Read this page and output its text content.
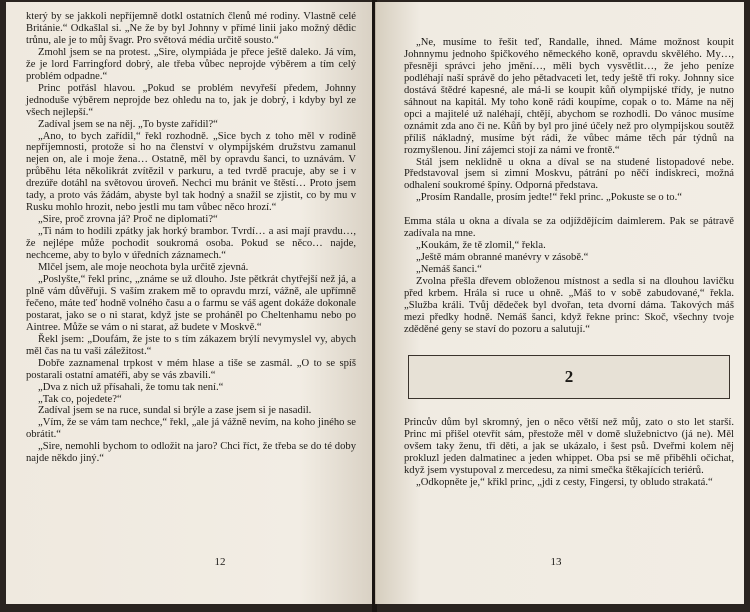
který by se jakkoli nepříjemně dotkl ostatních členů mé rodiny. Vlastně celé Británie.“ Odkašlal si. „Ne že by byl Johnny v přímé linii jako možný dědic trůnu, ale je to můj švagr. Pro světová média určitě sousto.“

Zmohl jsem se na protest. „Sire, olympiáda je přece ještě daleko. Já vím, že je lord Farringford dobrý, ale třeba vůbec neprojde výběrem a tím celý problém odpadne.“

Princ potřásl hlavou. „Pokud se problém nevyřeší předem, Johnny jednoduše výběrem neprojde bez ohledu na to, jak je dobrý, i kdyby byl ze všech nejlepší.“

Zadíval jsem se na něj. „To byste zařídil?“

„Ano, to bych zařídil,“ řekl rozhodně. „Sice bych z toho měl v rodině nepříjemnosti, protože si ho na členství v olympijském družstvu zamanul nejen on, ale i moje žena… Ostatně, měl by opravdu šanci, to uznávám. V průběhu léta několikrát zvítězil v parkuru, a ted tvrdě pracuje, aby se i v drezúře dotáhl na světovou úroveň. Nechci mu bránit ve štěstí… Proto jsem tady, a proto vás žádám, abyste byl tak hodný a snažil se zjistit, co by mu v Rusku mohlo hrozit, nebo jestli mu tam vůbec něco hrozí.“

„Sire, proč zrovna já? Proč ne diplomati?“

„Ti nám to hodili zpátky jak horký brambor. Tvrdí… a asi mají pravdu…, že nejlépe může pochodit soukromá osoba. Pokud se něco… najde, nechceme, aby to bylo v úředních záznamech.“

Mlčel jsem, ale moje neochota byla určitě zjevná.

„Poslyšte,“ řekl princ, „známe se už dlouho. Jste pětkrát chytřejší než já, a plně vám důvěřuji. S vaším zrakem mě to opravdu mrzí, vážně, ale upřímně řečeno, máte teď hodně volného času a o farmu se váš agent dokáže dokonale postarat, jako se o ni starat, když jste se proháněl po Cheltenhamu nebo po Aintree. Může se vám o ni starat, až budete v Moskvě.“

Řekl jsem: „Doufám, že jste to s tím zákazem brýlí nevymyslel vy, abych měl čas na tu vaši záležitost.“

Dobře zaznamenal trpkost v mém hlase a tiše se zasmál. „O to se spíš postarali ostatní amatéři, aby se vás zbavili.“

„Dva z nich už přísahali, že tomu tak není.“

„Tak co, pojedete?“

Zadíval jsem se na ruce, sundal si brýle a zase jsem si je nasadil.

„Vím, že se vám tam nechce,“ řekl, „ale já vážně nevím, na koho jiného se obrátit.“

„Sire, nemohli bychom to odložit na jaro? Chci říct, že třeba se do té doby najde někdo jiný.“

12

„Ne, musíme to řešit teď, Randalle, ihned. Máme možnost koupit Johnnymu jednoho špičkového německého koně, opravdu skvělého. My…, přesněji správci jeho jmění…, měli bych vysvětlit…, že jeho peníze podléhají naší správě do jeho pětadvaceti let, tedy ještě tři roky. Johnny sice dostává štědré kapesné, ale má-li se koupit kůň olympijské třídy, je nutno sáhnout na kapitál. My toho koně rádi koupíme, copak o to. Máme na něj opci a majitelé už naléhají, chtějí, abychom se rozhodli. Do vánoc musíme oznámit zda ano či ne. Kůň by byl pro jiné účely než pro olympijskou soutěž příliš nákladný, musíme být rádi, že vůbec máme těch pár týdnů na rozmyšlenou. Jiní zájemci stojí za námi ve frontě.“

Stál jsem neklidně u okna a díval se na studené listopadové nebe. Představoval jsem si zimní Moskvu, pátrání po něčí indiskreci, možná odhalení soukromé špíny. Odporná představa.

„Prosím Randalle, prosím jedte!“ řekl princ. „Pokuste se o to.“

Emma stála u okna a dívala se za odjíždějícím daimlerem. Pak se pátravě zadívala na mne.

„Koukám, že tě zlomil,“ řekla.

„Ještě mám obranné manévry v zásobě.“

„Nemáš šanci.“

Zvolna přešla dřevem obloženou místnost a sedla si na dlouhou lavičku před krbem. Hrála si ruce u ohně. „Máš to v sobě zabudované,“ řekla. „Služba králi. Tvůj dědeček byl dvořan, teta dvorní dáma. Takových máš mezi předky hodně. Nemáš šanci, když řekne princ: Skoč, všechny tvoje zděděné geny se staví do pozoru a salutují.“

2

Princův dům byl skromný, jen o něco větší než můj, zato o sto let starší. Princ mi přišel otevřít sám, přestože měl v domě služebnictvo (já ne). Měl ovšem taky ženu, tři děti, a jak se ukázalo, i šest psů. Dveřmi kolem něj prokluzl jeden dalmatinec a jeden whippet. Oba psi se mě přiběhli očichat, když jsem vystupoval z mercedesu, za nimi smečka štěkajících teriérů.

„Odkopněte je,“ křikl princ, „jdi z cesty, Fingersi, ty obludo strakatá.“

13
